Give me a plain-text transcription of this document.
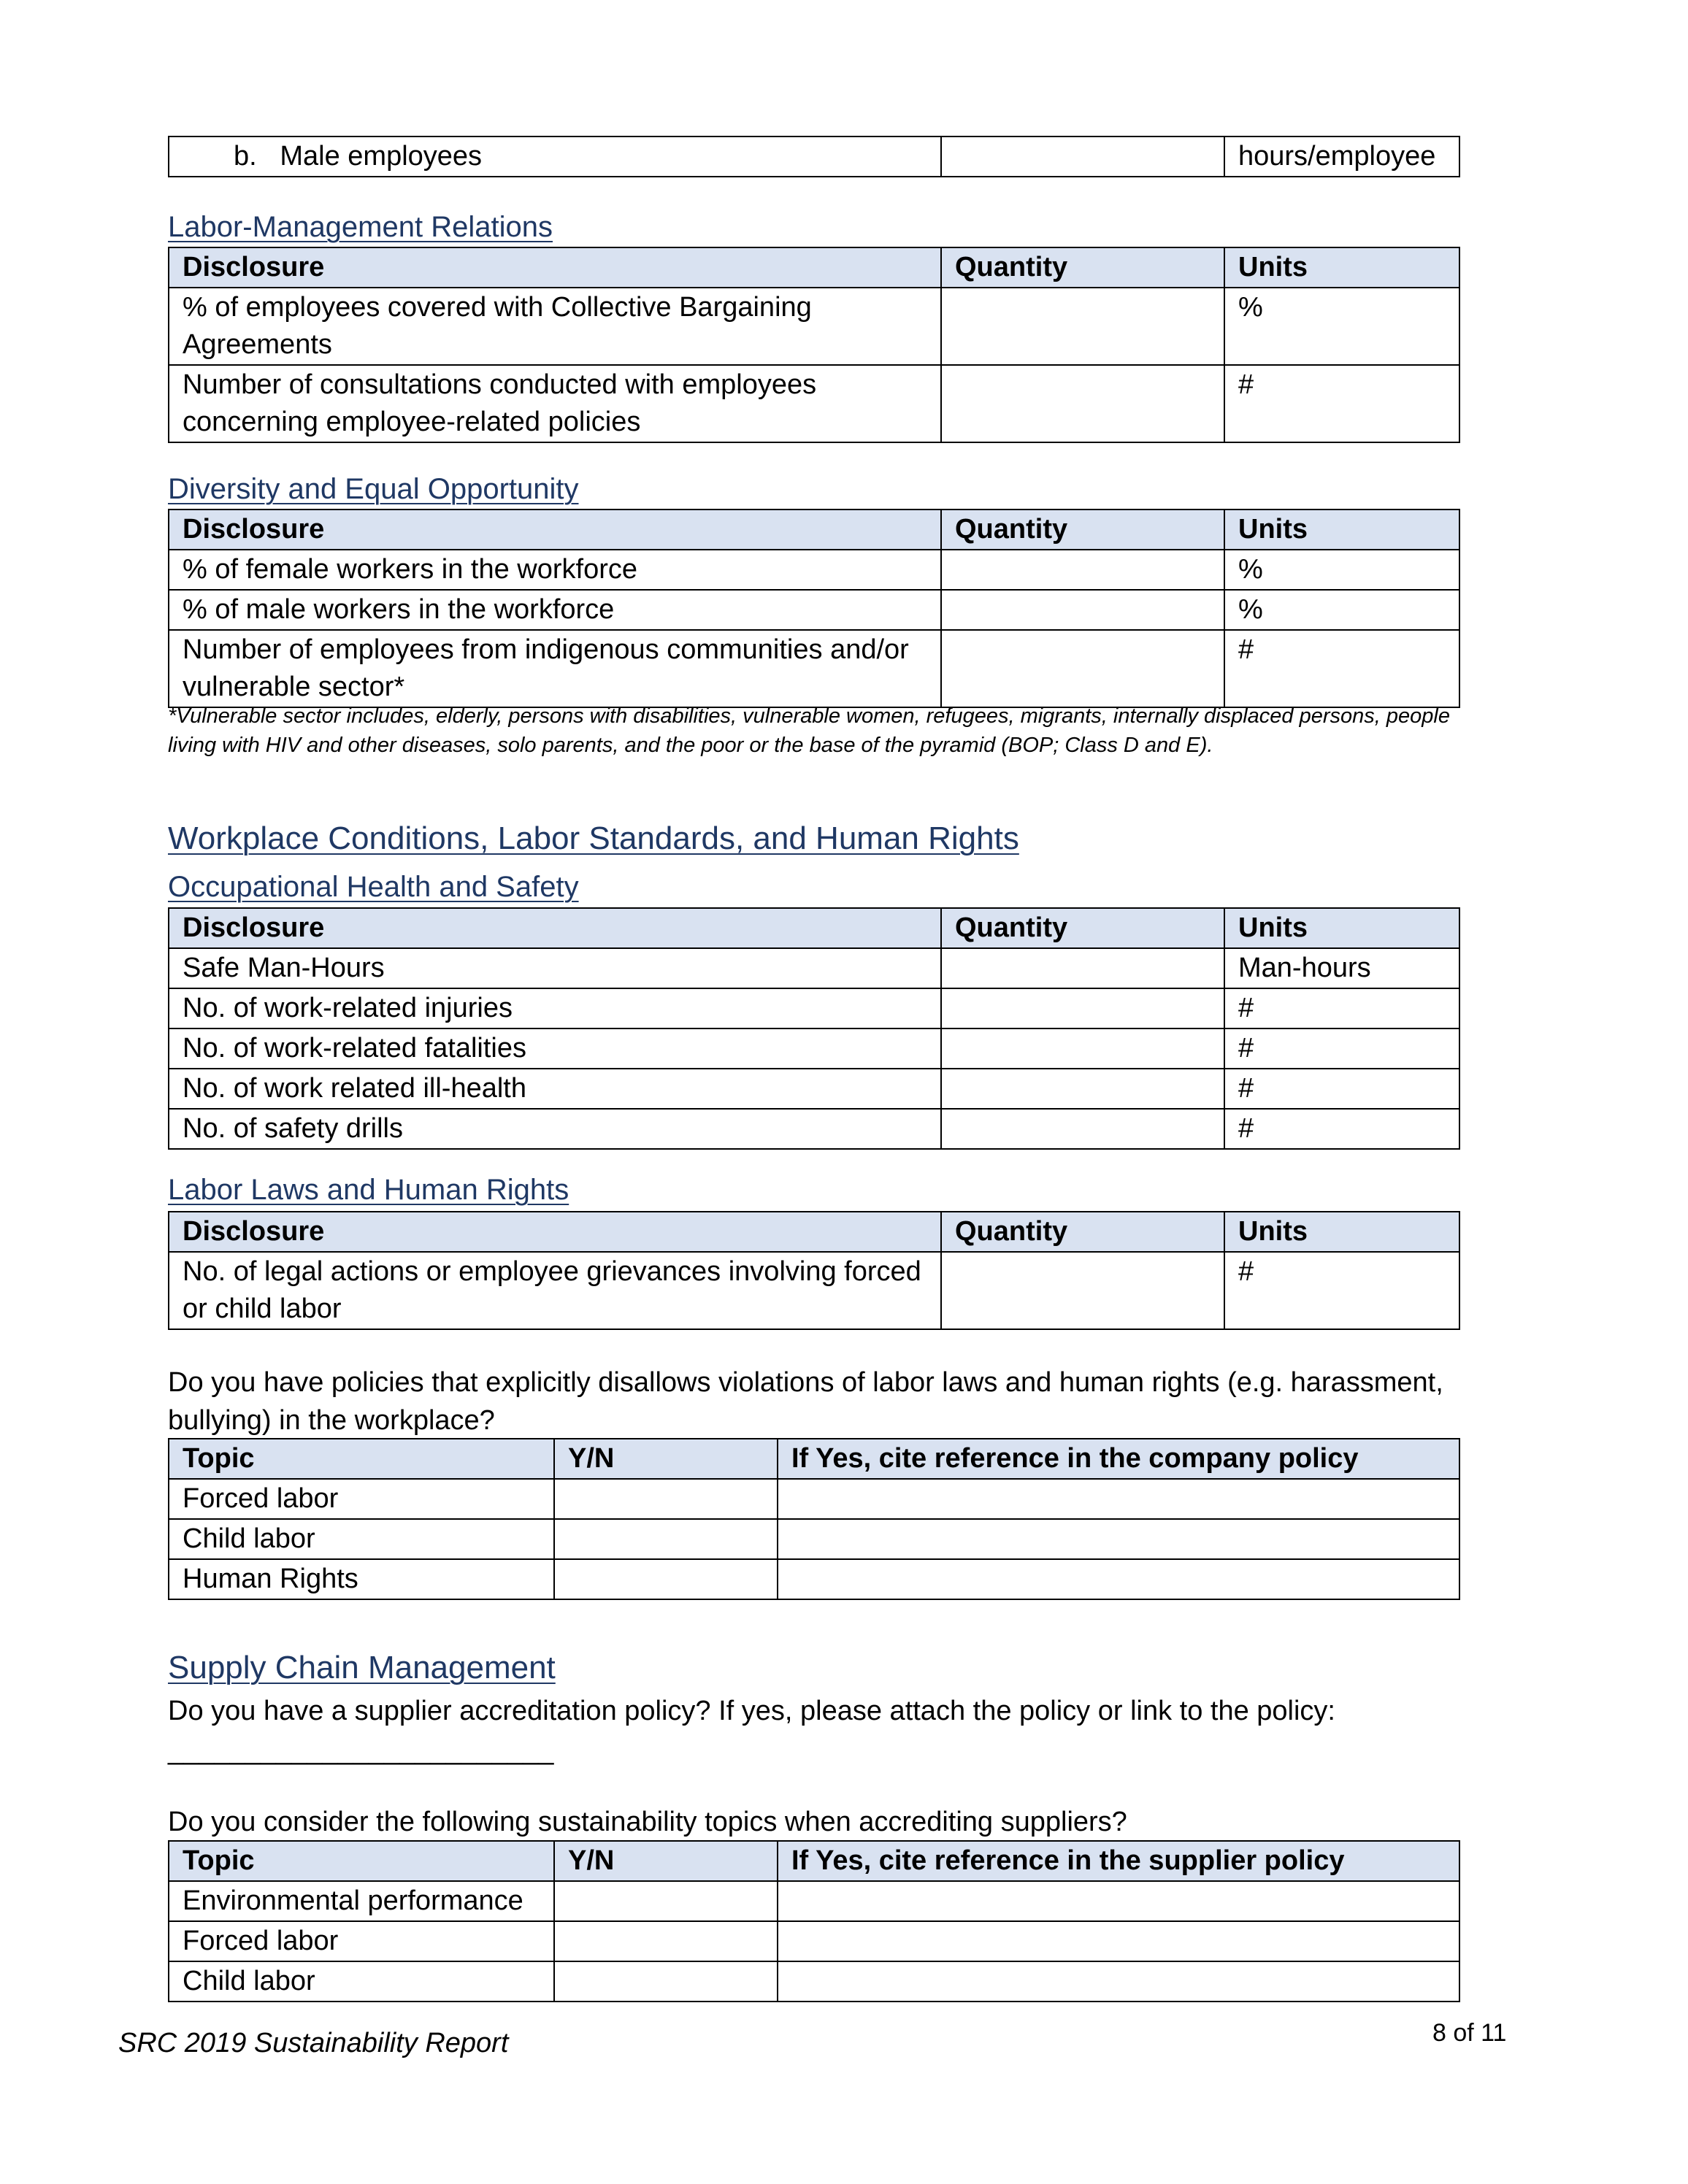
b.   Male employees		hours/employee
Labor-Management Relations
Disclosure	Quantity	Units
% of employees covered with Collective Bargaining Agreements		%
Number of consultations conducted with employees concerning employee-related policies		#
Diversity and Equal Opportunity
Disclosure	Quantity	Units
% of female workers in the workforce		%
% of male workers in the workforce		%
Number of employees from indigenous communities and/or vulnerable sector*		#
*Vulnerable sector includes, elderly, persons with disabilities, vulnerable women, refugees, migrants, internally displaced persons, people living with HIV and other diseases, solo parents, and the poor or the base of the pyramid (BOP; Class D and E).
Workplace Conditions, Labor Standards, and Human Rights
Occupational Health and Safety
Disclosure	Quantity	Units
Safe Man-Hours		Man-hours
No. of work-related injuries		#
No. of work-related fatalities		#
No. of work related ill-health		#
No. of safety drills		#
Labor Laws and Human Rights
Disclosure	Quantity	Units
No. of legal actions or employee grievances involving forced or child labor		#
Do you have policies that explicitly disallows violations of labor laws and human rights (e.g. harassment, bullying) in the workplace?
Topic	Y/N	If Yes, cite reference in the company policy
Forced labor		
Child labor		
Human Rights		
Supply Chain Management
Do you have a supplier accreditation policy? If yes, please attach the policy or link to the policy:
_________________________
Do you consider the following sustainability topics when accrediting suppliers?
Topic	Y/N	If Yes, cite reference in the supplier policy
Environmental performance		
Forced labor		
Child labor		
SRC 2019 Sustainability Report	8 of 11
